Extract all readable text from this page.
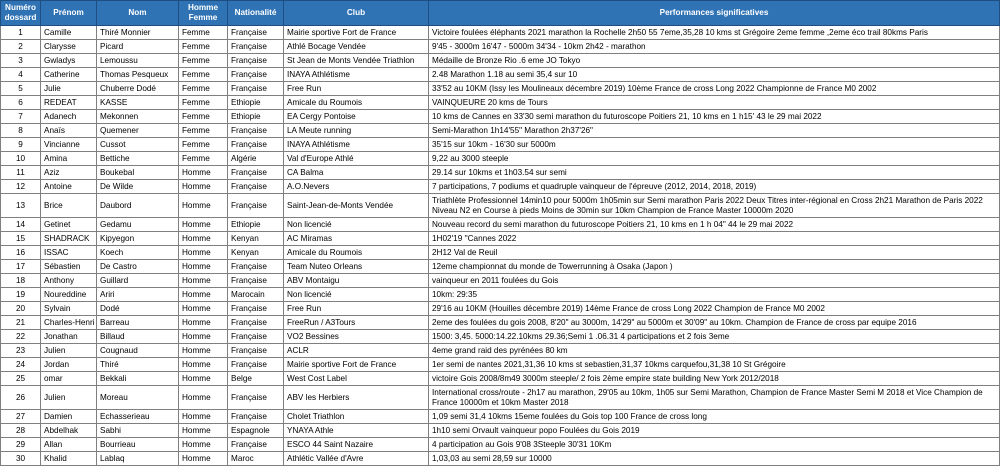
Numéro dossard	Prénom	Nom	Homme Femme	Nationalité	Club	Performances significatives
1	Camille	Thiré Monnier	Femme	Française	Mairie sportive Fort de France	Victoire foulées éléphants 2021 marathon la Rochelle 2h50 55 7eme,35,28 10 kms st Grégoire 2eme femme ,2eme éco trail 80kms Paris
2	Clarysse	Picard	Femme	Française	Athlé Bocage Vendée	9'45 - 3000m 16'47 - 5000m 34'34 - 10km 2h42 - marathon
3	Gwladys	Lemoussu	Femme	Française	St Jean de Monts Vendée Triathlon	Médaille de Bronze Rio .6 eme JO Tokyo
4	Catherine	Thomas Pesqueux	Femme	Française	INAYA Athlétisme	2.48 Marathon 1.18 au semi 35,4 sur 10
5	Julie	Chuberre Dodé	Femme	Française	Free Run	33'52 au 10KM (Issy les Moulineaux décembre 2019) 10ème France de cross Long 2022 Championne de France M0 2002
6	REDEAT	KASSE	Femme	Ethiopie	Amicale du Roumois	VAINQUEURE 20 kms de Tours
7	Adanech	Mekonnen	Femme	Ethiopie	EA Cergy Pontoise	10 kms de Cannes en 33'30 semi marathon du futuroscope Poitiers 21, 10 kms en 1 h15' 43 le 29 mai 2022
8	Anaïs	Quemener	Femme	Française	LA Meute running	Semi-Marathon 1h14'55" Marathon 2h37'26"
9	Vincianne	Cussot	Femme	Française	INAYA Athlétisme	35'15 sur 10km - 16'30 sur 5000m
10	Amina	Bettiche	Femme	Algérie	Val d'Europe Athlé	9,22 au 3000 steeple
11	Aziz	Boukebal	Homme	Française	CA Balma	29.14 sur 10kms et 1h03.54 sur semi
12	Antoine	De Wilde	Homme	Française	A.O.Nevers	7 participations, 7 podiums et quadruple vainqueur de l'épreuve (2012, 2014, 2018, 2019)
13	Brice	Daubord	Homme	Française	Saint-Jean-de-Monts Vendée	Triathlète Professionnel 14min10 pour 5000m 1h05min sur Semi marathon Paris 2022 Deux Titres inter-régional en Cross 2h21 Marathon de Paris 2022 Niveau N2 en Course à pieds Moins de 30min sur 10km Champion de France Master 10000m 2020
14	Getinet	Gedamu	Homme	Ethiopie	Non licencié	Nouveau record du semi marathon du futuroscope Poitiers 21, 10 kms en 1 h 04" 44 le 29 mai 2022
15	SHADRACK	Kipyegon	Homme	Kenyan	AC Miramas	1H02'19 ''Cannes 2022
16	ISSAC	Koech	Homme	Kenyan	Amicale du Roumois	2H12 Val de Reuil
17	Sébastien	De Castro	Homme	Française	Team Nuteo Orleans	12eme championnat du monde de Towerrunning à Osaka (Japon )
18	Anthony	Guillard	Homme	Française	ABV Montaigu	vainqueur en 2011 foulées du Gois
19	Noureddine	Ariri	Homme	Marocain	Non licencié	10km: 29:35
20	Sylvain	Dodé	Homme	Française	Free Run	29'16 au 10KM (Houilles décembre 2019) 14ème France de cross Long 2022 Champion de France M0 2002
21	Charles-Henri	Barreau	Homme	Française	FreeRun / A3Tours	2eme des foulées du gois 2008, 8'20" au 3000m, 14'29" au 5000m et 30'09" au 10km. Champion de France de cross par equipe 2016
22	Jonathan	Billaud	Homme	Française	VO2 Bessines	1500: 3,45. 5000:14.22.10kms 29.36;Semi 1 .06.31 4 participations et 2 fois 3eme
23	Julien	Cougnaud	Homme	Française	ACLR	4eme grand raid des pyrénées 80 km
24	Jordan	Thiré	Homme	Française	Mairie sportive Fort de France	1er semi de nantes 2021,31,36 10 kms st sebastien,31,37 10kms carquefou,31,38 10 St Grégoire
25	omar	Bekkali	Homme	Belge	West Cost Label	victoire Gois 2008/8m49 3000m steeple/ 2 fois 2ème empire state building New York 2012/2018
26	Julien	Moreau	Homme	Française	ABV les Herbiers	International cross/route - 2h17 au marathon, 29'05 au 10km, 1h05 sur Semi Marathon, Champion de France Master Semi M 2018 et Vice Champion de France 10000m et 10km Master 2018
27	Damien	Echasserieau	Homme	Française	Cholet Triathlon	1,09 semi 31,4 10kms 15eme foulées du Gois top 100 France de cross long
28	Abdelhak	Sabhi	Homme	Espagnole	YNAYA Athle	1h10 semi Orvault vainqueur popo Foulées du Gois 2019
29	Allan	Bourrieau	Homme	Française	ESCO 44 Saint Nazaire	4 participation au Gois 9'08 3Steeple 30'31 10Km
30	Khalid	Lablaq	Homme	Maroc	Athlétic Vallée d'Avre	1,03,03 au semi 28,59 sur 10000
